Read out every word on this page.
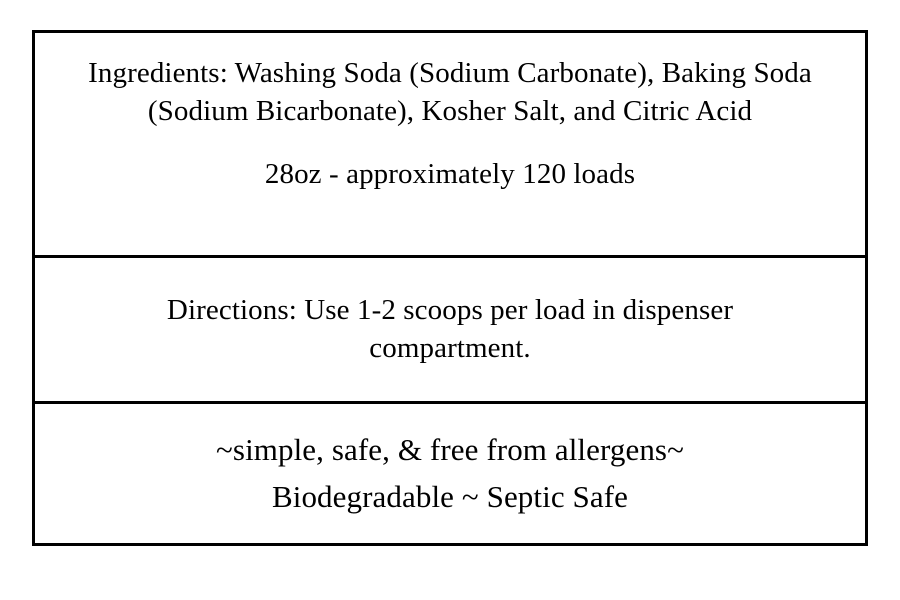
Ingredients: Washing Soda (Sodium Carbonate), Baking Soda (Sodium Bicarbonate), Kosher Salt, and Citric Acid
28oz - approximately 120 loads
Directions: Use 1-2 scoops per load in dispenser compartment.
~simple, safe, & free from allergens~
Biodegradable ~ Septic Safe
